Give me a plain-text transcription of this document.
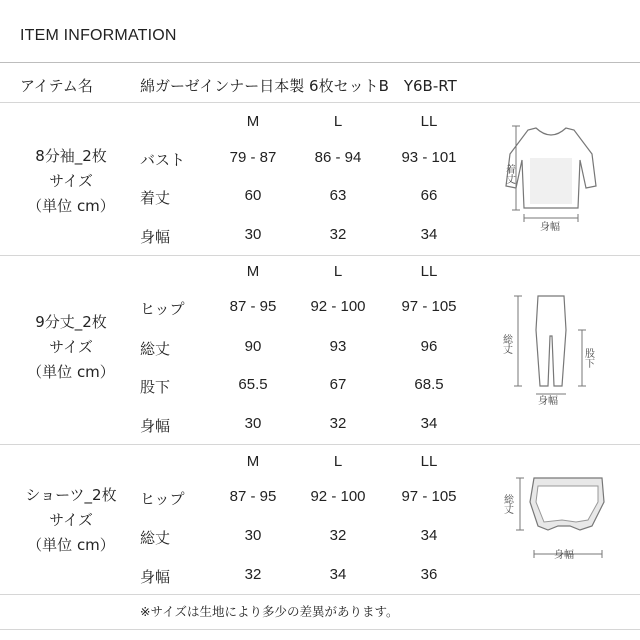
ITEM INFORMATION
アイテム名	綿ガーゼインナー日本製 6枚セットB　Y6B-RT
8分袖_2枚
サイズ
（単位 cm）
M	L	LL
バスト	79 - 87	86 - 94	93 - 101
着丈	60	63	66
身幅	30	32	34
着丈
身幅
9分丈_2枚
サイズ
（単位 cm）
M	L	LL
ヒップ	87 - 95	92 - 100	97 - 105
総丈	90	93	96
股下	65.5	67	68.5
身幅	30	32	34
総丈
股下
身幅
ショーツ_2枚
サイズ
（単位 cm）
M	L	LL
ヒップ	87 - 95	92 - 100	97 - 105
総丈	30	32	34
身幅	32	34	36
総丈
身幅
※サイズは生地により多少の差異があります。
